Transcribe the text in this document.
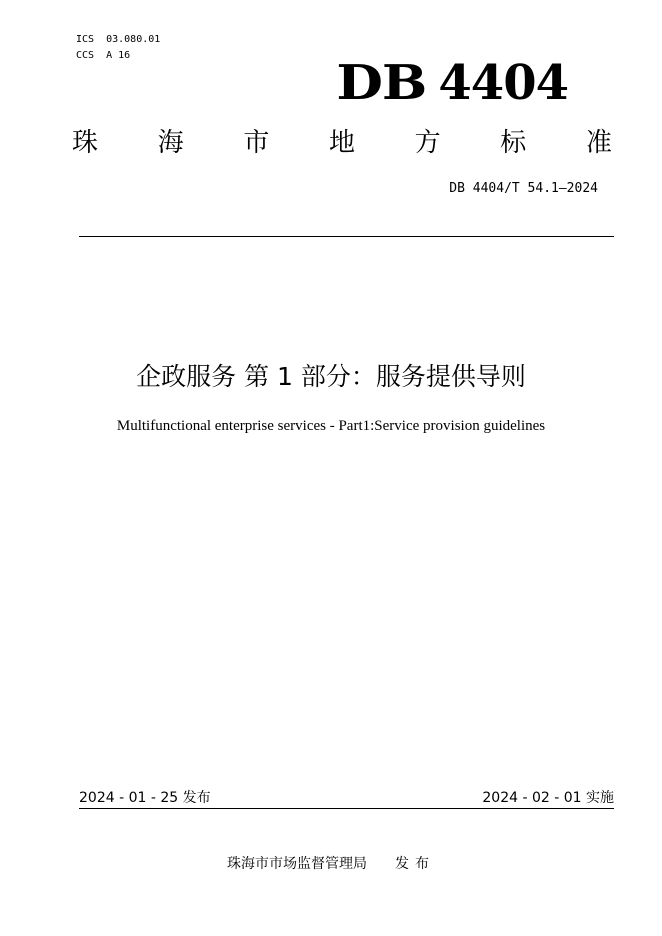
ICS  03.080.01
CCS  A 16	DB 4404
珠 海 市 地 方 标 准
DB 4404/T 54.1—2024
企政服务 第 1 部分：服务提供导则
Multifunctional enterprise services - Part1:Service provision guidelines
2024 - 01 - 25 发布	2024 - 02 - 01 实施
珠海市市场监督管理局 发布
